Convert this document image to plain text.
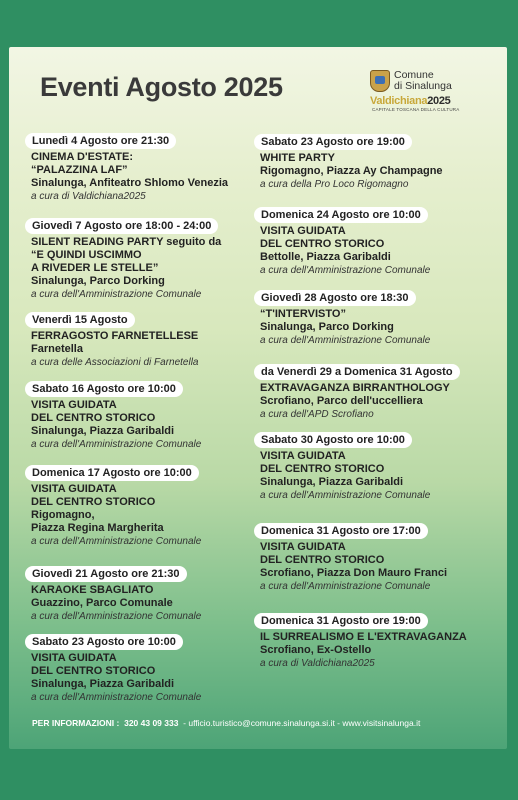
Eventi Agosto 2025	Comune
di Sinalunga
Valdichiana2025
CAPITALE TOSCANA DELLA CULTURA
Lunedì 4 Agosto ore 21:30
CINEMA D'ESTATE:
“PALAZZINA LAF”
Sinalunga, Anfiteatro Shlomo Venezia
a cura di Valdichiana2025
Giovedì 7 Agosto ore 18:00 - 24:00
SILENT READING PARTY seguito da
“E QUINDI USCIMMO
A RIVEDER LE STELLE”
Sinalunga, Parco Dorking
a cura dell'Amministrazione Comunale
Venerdì 15 Agosto
FERRAGOSTO FARNETELLESE
Farnetella
a cura delle Associazioni di Farnetella
Sabato 16 Agosto ore 10:00
VISITA GUIDATA
DEL CENTRO STORICO
Sinalunga, Piazza Garibaldi
a cura dell'Amministrazione Comunale
Domenica 17 Agosto ore 10:00
VISITA GUIDATA
DEL CENTRO STORICO
Rigomagno,
Piazza Regina Margherita
a cura dell'Amministrazione Comunale
Giovedì 21 Agosto ore 21:30
KARAOKE SBAGLIATO
Guazzino, Parco Comunale
a cura dell'Amministrazione Comunale
Sabato 23 Agosto ore 10:00
VISITA GUIDATA
DEL CENTRO STORICO
Sinalunga, Piazza Garibaldi
a cura dell'Amministrazione Comunale
Sabato 23 Agosto ore 19:00
WHITE PARTY
Rigomagno, Piazza Ay Champagne
a cura della Pro Loco Rigomagno
Domenica 24 Agosto ore 10:00
VISITA GUIDATA
DEL CENTRO STORICO
Bettolle, Piazza Garibaldi
a cura dell'Amministrazione Comunale
Giovedì 28 Agosto ore 18:30
“T'INTERVISTO”
Sinalunga, Parco Dorking
a cura dell'Amministrazione Comunale
da Venerdì 29 a Domenica 31 Agosto
EXTRAVAGANZA BIRRANTHOLOGY
Scrofiano, Parco dell'uccelliera
a cura dell'APD Scrofiano
Sabato 30 Agosto ore 10:00
VISITA GUIDATA
DEL CENTRO STORICO
Sinalunga, Piazza Garibaldi
a cura dell'Amministrazione Comunale
Domenica 31 Agosto ore 17:00
VISITA GUIDATA
DEL CENTRO STORICO
Scrofiano, Piazza Don Mauro Franci
a cura dell'Amministrazione Comunale
Domenica 31 Agosto ore 19:00
IL SURREALISMO E L'EXTRAVAGANZA
Scrofiano, Ex-Ostello
a cura di Valdichiana2025
PER INFORMAZIONI : 320 43 09 333  - ufficio.turistico@comune.sinalunga.si.it - www.visitsinalunga.it
